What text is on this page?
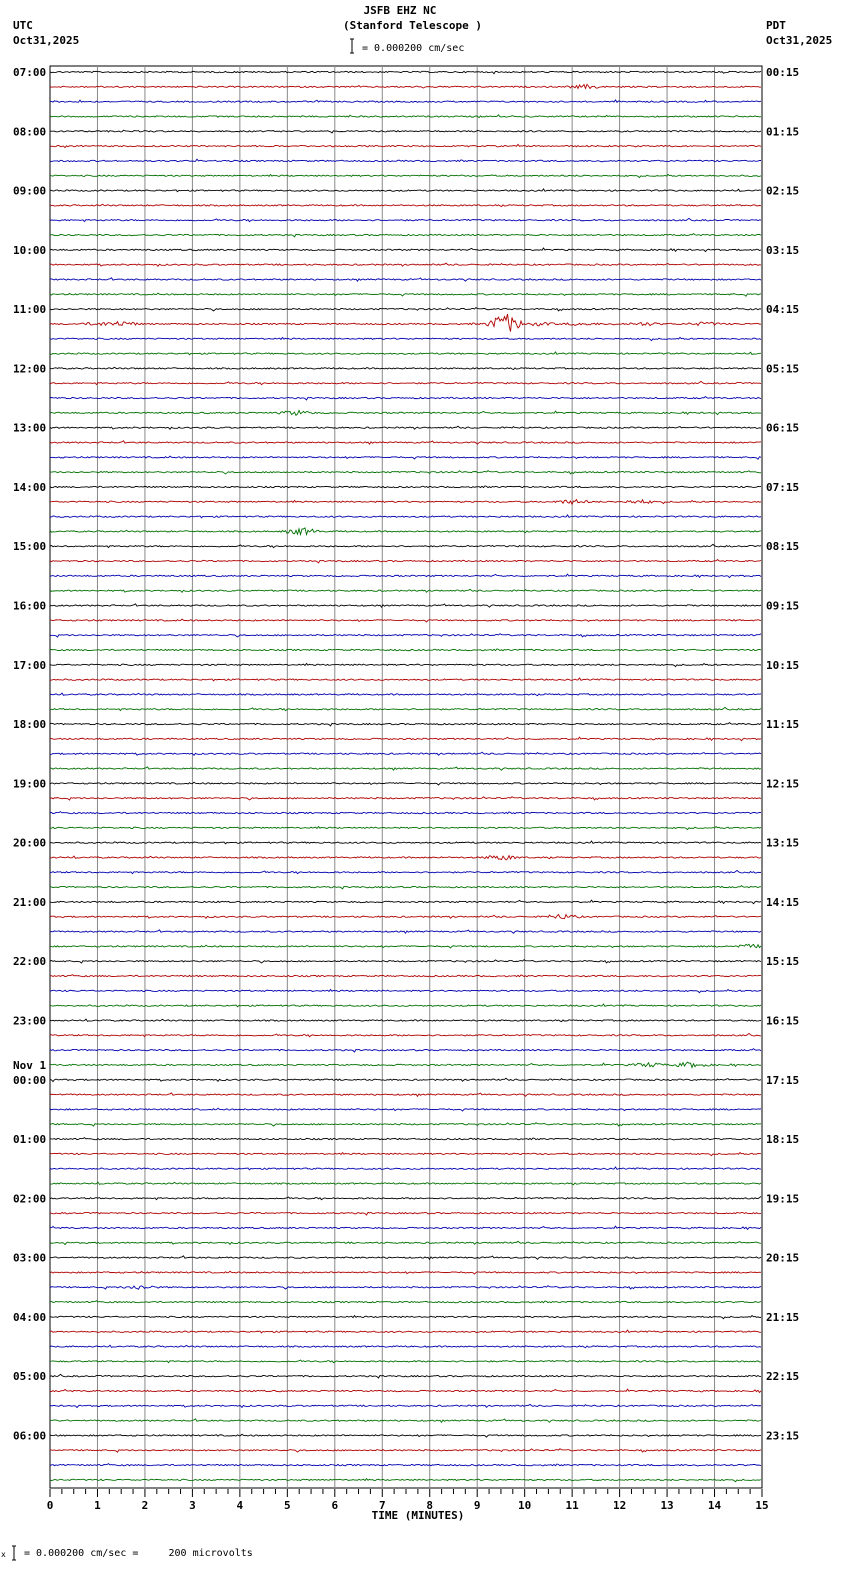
UTC
Oct31,2025
PDT
Oct31,2025
JSFB EHZ NC
(Stanford Telescope )
= 0.000200 cm/sec
07:00
08:00
09:00
10:00
11:00
12:00
13:00
14:00
15:00
16:00
17:00
18:00
19:00
20:00
21:00
22:00
23:00
Nov 1
00:00
01:00
02:00
03:00
04:00
05:00
06:00
00:15
01:15
02:15
03:15
04:15
05:15
06:15
07:15
08:15
09:15
10:15
11:15
12:15
13:15
14:15
15:15
16:15
17:15
18:15
19:15
20:15
21:15
22:15
23:15
0	1	2	3	4	5	6	7	8	9	10	11	12	13	14	15
TIME (MINUTES)
x = 0.000200 cm/sec =     200 microvolts
